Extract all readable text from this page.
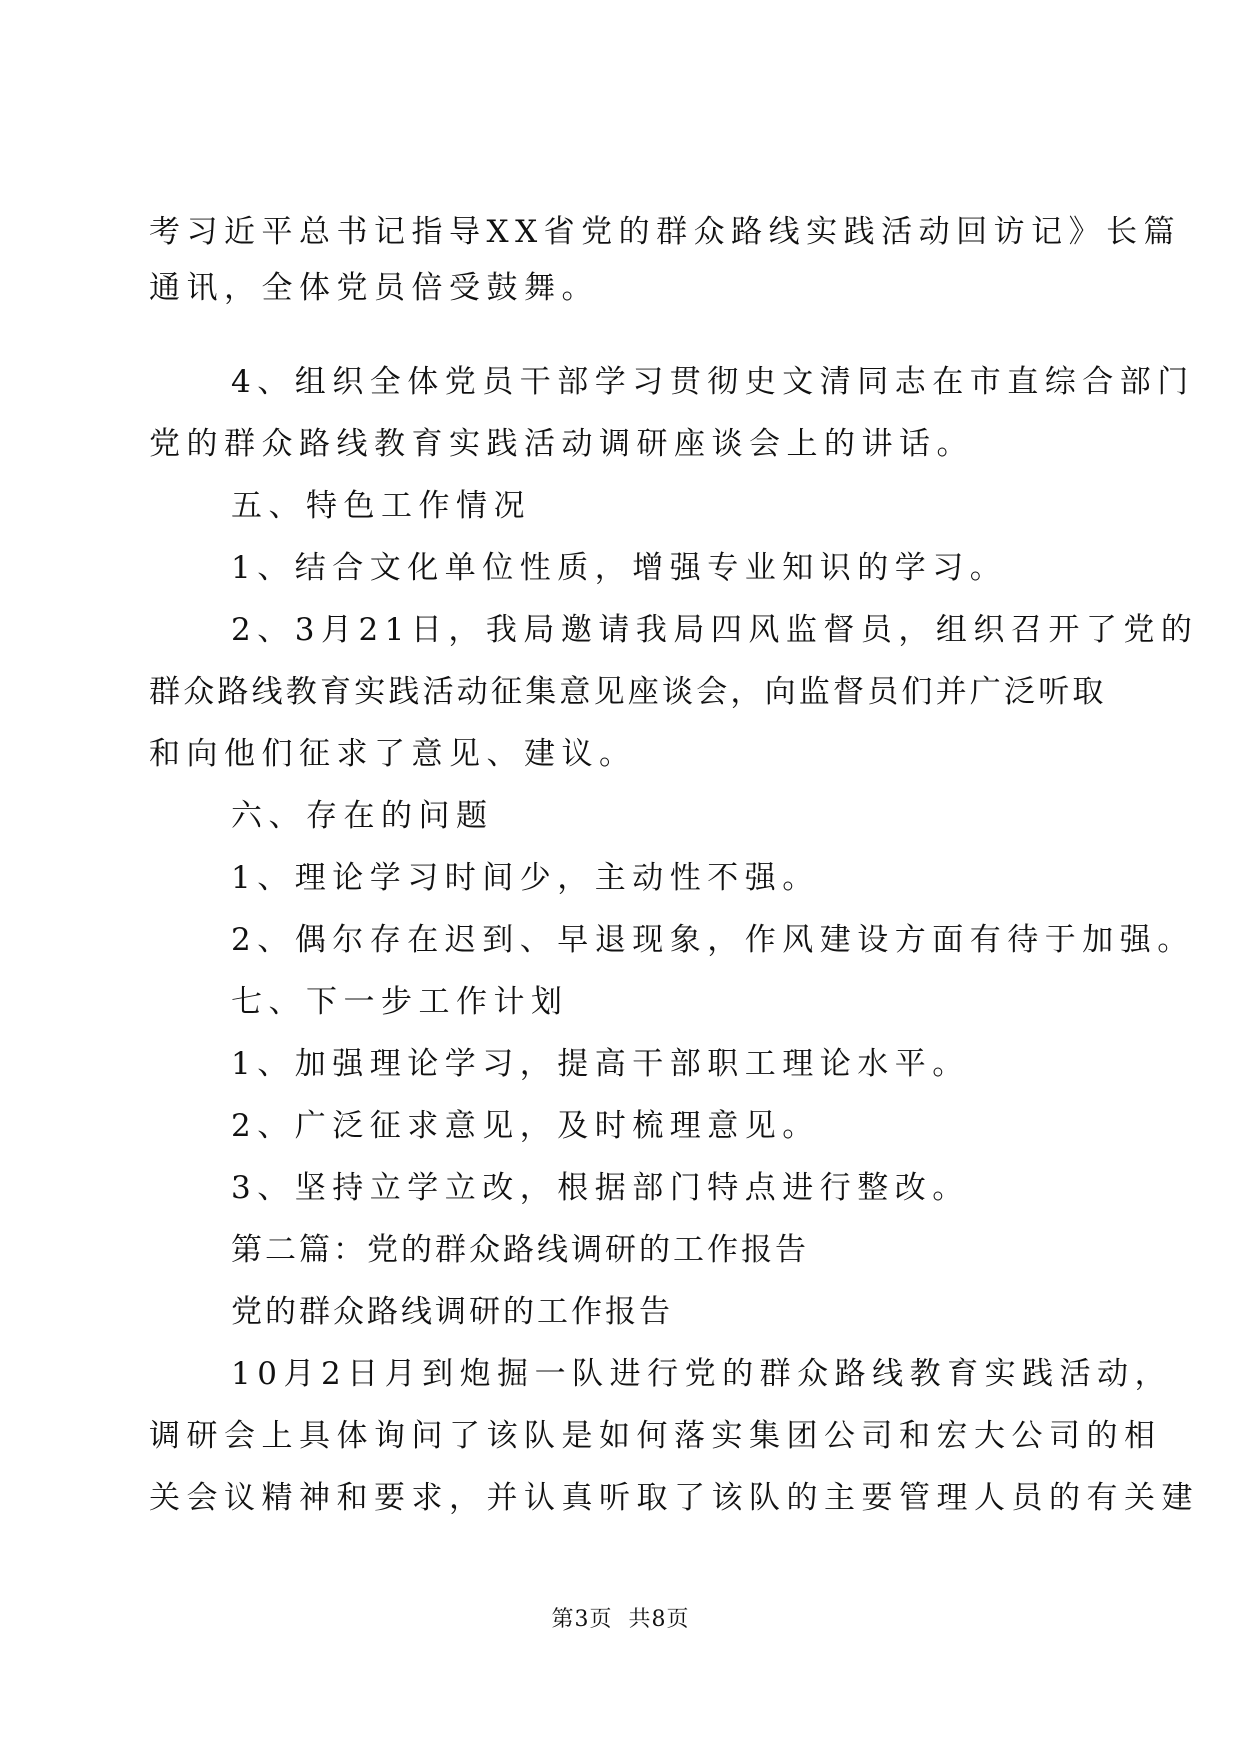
考习近平总书记指导XX省党的群众路线实践活动回访记》长篇
通讯，全体党员倍受鼓舞。
4、组织全体党员干部学习贯彻史文清同志在市直综合部门
党的群众路线教育实践活动调研座谈会上的讲话。
五、特色工作情况
1、结合文化单位性质，增强专业知识的学习。
2、3月21日，我局邀请我局四风监督员，组织召开了党的
群众路线教育实践活动征集意见座谈会，向监督员们并广泛听取
和向他们征求了意见、建议。
六、存在的问题
1、理论学习时间少，主动性不强。
2、偶尔存在迟到、早退现象，作风建设方面有待于加强。
七、下一步工作计划
1、加强理论学习，提高干部职工理论水平。
2、广泛征求意见，及时梳理意见。
3、坚持立学立改，根据部门特点进行整改。
第二篇：党的群众路线调研的工作报告
党的群众路线调研的工作报告
10月2日月到炮掘一队进行党的群众路线教育实践活动，
调研会上具体询问了该队是如何落实集团公司和宏大公司的相
关会议精神和要求，并认真听取了该队的主要管理人员的有关建
第3页 共8页
